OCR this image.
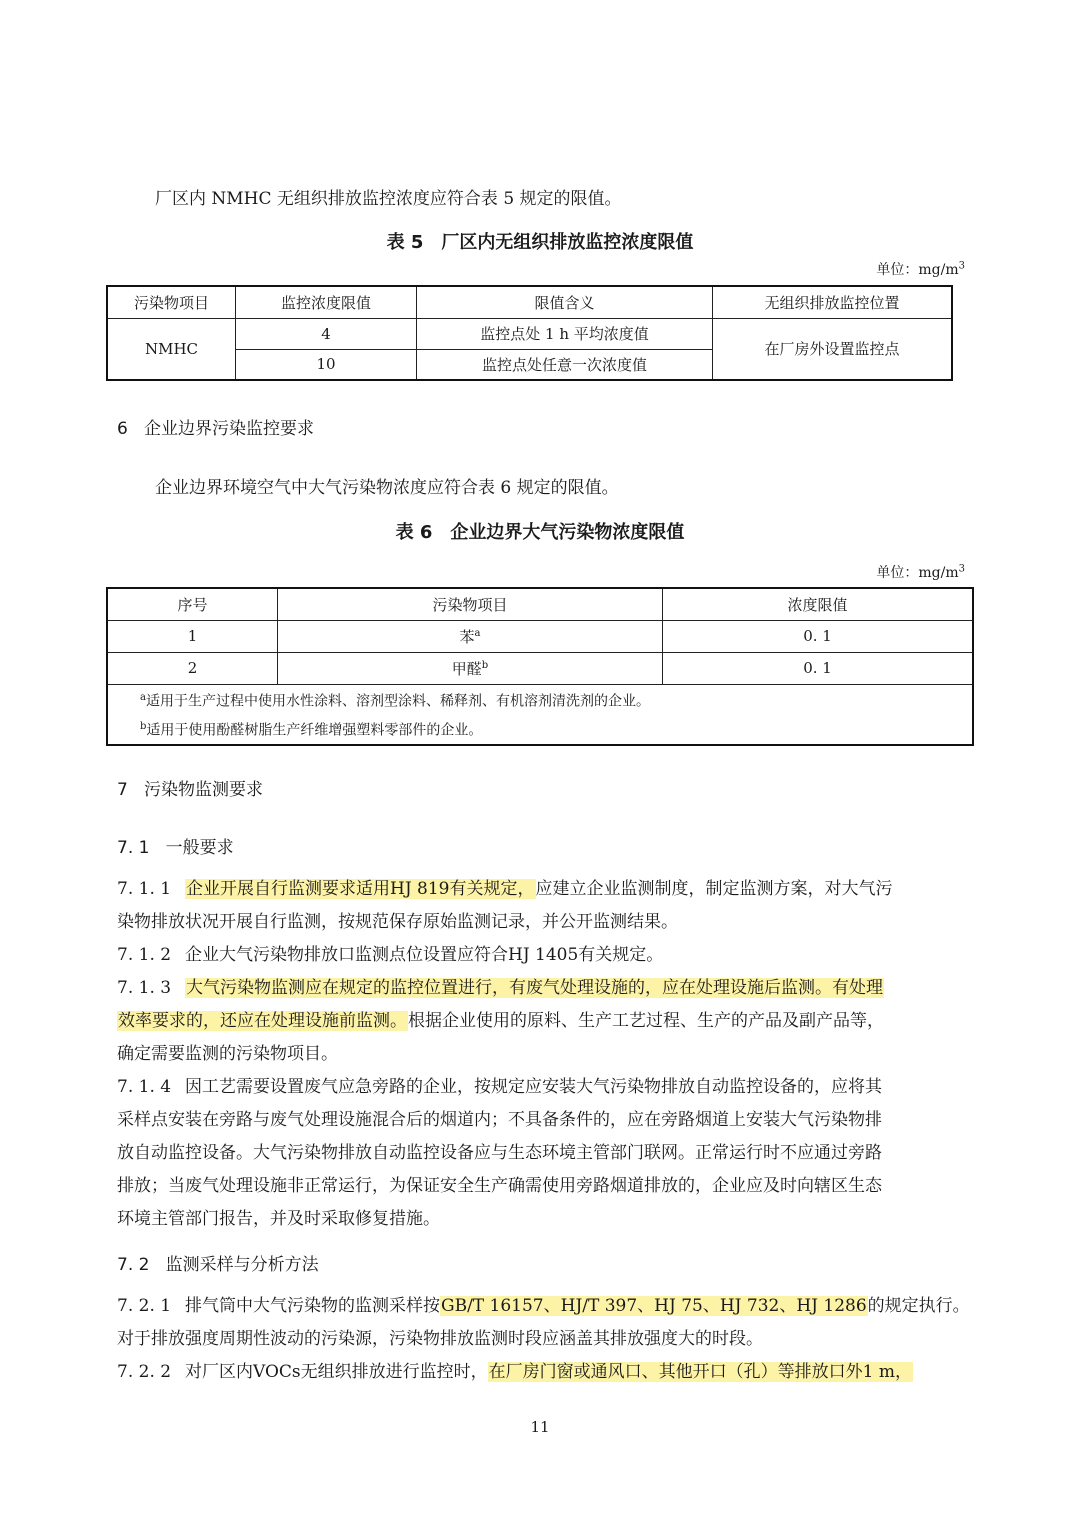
厂区内 NMHC 无组织排放监控浓度应符合表 5 规定的限值。
表 5　厂区内无组织排放监控浓度限值
单位：$mg/m^3$
污染物项目	监控浓度限值	限值含义	无组织排放监控位置
NMHC	4	监控点处 1 h 平均浓度值	在厂房外设置监控点
	10	监控点处任意一次浓度值	
6 企业边界污染监控要求
企业边界环境空气中大气污染物浓度应符合表 6 规定的限值。
表 6　企业边界大气污染物浓度限值
单位：$mg/m^3$
序号	污染物项目	浓度限值
1	苯$^a$	0. 1
2	甲醛$^b$	0. 1

$^a$适用于生产过程中使用水性涂料、溶剂型涂料、稀释剂、有机溶剂清洗剂的企业。
$^b$适用于使用酚醛树脂生产纤维增强塑料零部件的企业。		
7 污染物监测要求
7. 1 一般要求
7. 1. 1 企业开展自行监测要求适用HJ 819有关规定，应建立企业监测制度，制定监测方案，对大气污
染物排放状况开展自行监测，按规范保存原始监测记录，并公开监测结果。
7. 1. 2 企业大气污染物排放口监测点位设置应符合HJ 1405有关规定。
7. 1. 3 大气污染物监测应在规定的监控位置进行，有废气处理设施的，应在处理设施后监测。有处理
效率要求的，还应在处理设施前监测。根据企业使用的原料、生产工艺过程、生产的产品及副产品等，
确定需要监测的污染物项目。
7. 1. 4 因工艺需要设置废气应急旁路的企业，按规定应安装大气污染物排放自动监控设备的，应将其
采样点安装在旁路与废气处理设施混合后的烟道内；不具备条件的，应在旁路烟道上安装大气污染物排
放自动监控设备。大气污染物排放自动监控设备应与生态环境主管部门联网。正常运行时不应通过旁路
排放；当废气处理设施非正常运行，为保证安全生产确需使用旁路烟道排放的，企业应及时向辖区生态
环境主管部门报告，并及时采取修复措施。
7. 2 监测采样与分析方法
7. 2. 1 排气筒中大气污染物的监测采样按GB/T 16157、HJ/T 397、HJ 75、HJ 732、HJ 1286的规定执行。
对于排放强度周期性波动的污染源，污染物排放监测时段应涵盖其排放强度大的时段。
7. 2. 2 对厂区内VOCs无组织排放进行监控时，在厂房门窗或通风口、其他开口（孔）等排放口外1 m，
11
